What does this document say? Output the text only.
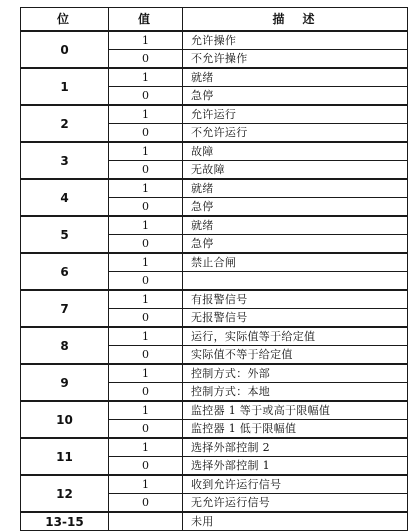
位	值	描　述
0	1	允许操作
	0	不允许操作
1	1	就绪
	0	急停
2	1	允许运行
	0	不允许运行
3	1	故障
	0	无故障
4	1	就绪
	0	急停
5	1	就绪
	0	急停
6	1	禁止合闸
	0	
7	1	有报警信号
	0	无报警信号
8	1	运行，实际值等于给定值
	0	实际值不等于给定值
9	1	控制方式：外部
	0	控制方式：本地
10	1	监控器 1 等于或高于限幅值
	0	监控器 1 低于限幅值
11	1	选择外部控制 2
	0	选择外部控制 1
12	1	收到允许运行信号
	0	无允许运行信号
13-15		未用
